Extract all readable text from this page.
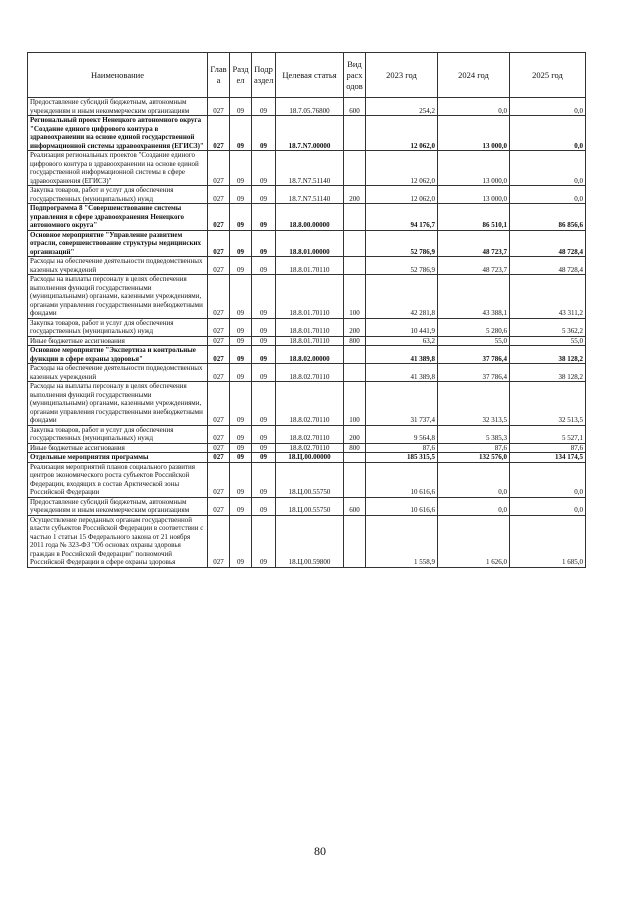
Наименование	Глав а	Разд ел	Подр аздел	Целевая статья	Вид расх одов	2023 год	2024 год	2025 год
Предоставление субсидий бюджетным, автономным учреждениям и иным некоммерческим организациям	027	09	09	18.7.05.76800	600	254,2	0,0	0,0
Региональный проект Ненецкого автономного округа "Создание единого цифрового контура в здравоохранении на основе единой государственной информационной системы здравоохранения (ЕГИСЗ)"	027	09	09	18.7.N7.00000		12 062,0	13 000,0	0,0
Реализация региональных проектов "Создание единого цифрового контура в здравоохранении на основе единой государственной информационной системы в сфере здравоохранения (ЕГИСЗ)"	027	09	09	18.7.N7.51140		12 062,0	13 000,0	0,0
Закупка товаров, работ и услуг для обеспечения государственных (муниципальных) нужд	027	09	09	18.7.N7.51140	200	12 062,0	13 000,0	0,0
Подпрограмма 8 "Совершенствование системы управления в сфере здравоохранения Ненецкого автономного округа"	027	09	09	18.8.00.00000		94 176,7	86 510,1	86 856,6
Основное мероприятие "Управление развитием отрасли, совершенствование структуры медицинских организаций"	027	09	09	18.8.01.00000		52 786,9	48 723,7	48 728,4
Расходы на обеспечение деятельности подведомственных казенных учреждений	027	09	09	18.8.01.70110		52 786,9	48 723,7	48 728,4
Расходы на выплаты персоналу в целях обеспечения выполнения функций государственными (муниципальными) органами, казенными учреждениями, органами управления государственными внебюджетными фондами	027	09	09	18.8.01.70110	100	42 281,8	43 388,1	43 311,2
Закупка товаров, работ и услуг для обеспечения государственных (муниципальных) нужд	027	09	09	18.8.01.70110	200	10 441,9	5 280,6	5 362,2
Иные бюджетные ассигнования	027	09	09	18.8.01.70110	800	63,2	55,0	55,0
Основное мероприятие "Экспертиза и контрольные функции в сфере охраны здоровья"	027	09	09	18.8.02.00000		41 389,8	37 786,4	38 128,2
Расходы на обеспечение деятельности подведомственных казенных учреждений	027	09	09	18.8.02.70110		41 389,8	37 786,4	38 128,2
Расходы на выплаты персоналу в целях обеспечения выполнения функций государственными (муниципальными) органами, казенными учреждениями, органами управления государственными внебюджетными фондами	027	09	09	18.8.02.70110	100	31 737,4	32 313,5	32 513,5
Закупка товаров, работ и услуг для обеспечения государственных (муниципальных) нужд	027	09	09	18.8.02.70110	200	9 564,8	5 385,3	5 527,1
Иные бюджетные ассигнования	027	09	09	18.8.02.70110	800	87,6	87,6	87,6
Отдельные мероприятия программы	027	09	09	18.Ц.00.00000		185 315,5	132 576,0	134 174,5
Реализация мероприятий планов социального развития центров экономического роста субъектов Российской Федерации, входящих в состав Арктической зоны Российской Федерации	027	09	09	18.Ц.00.55750		10 616,6	0,0	0,0
Предоставление субсидий бюджетным, автономным учреждениям и иным некоммерческим организациям	027	09	09	18.Ц.00.55750	600	10 616,6	0,0	0,0
Осуществление переданных органам государственной власти субъектов Российской Федерации в соответствии с частью 1 статьи 15 Федерального закона от 21 ноября 2011 года № 323-ФЗ "Об основах охраны здоровья граждан в Российской Федерации" полномочий Российской Федерации в сфере охраны здоровья	027	09	09	18.Ц.00.59800		1 558,9	1 626,0	1 685,0
80
